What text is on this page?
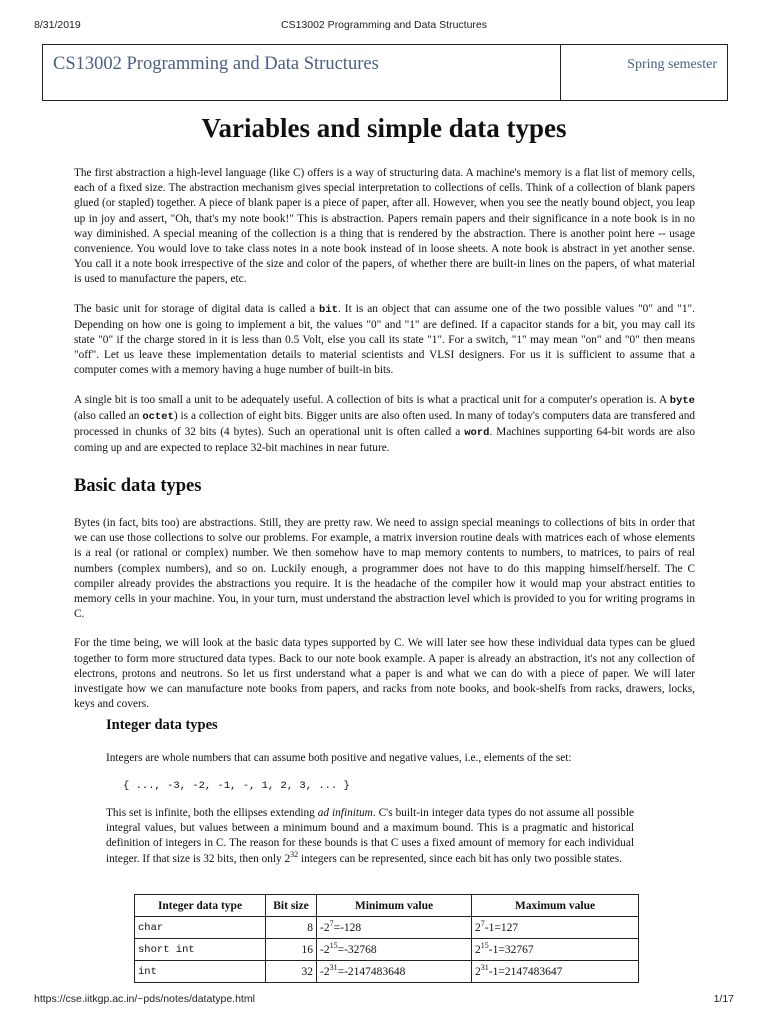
8/31/2019	CS13002 Programming and Data Structures
CS13002 Programming and Data Structures	Spring semester
Variables and simple data types

The first abstraction a high-level language (like C) offers is a way of structuring data. A machine's memory is a flat list of memory cells, each of a fixed size. The abstraction mechanism gives special interpretation to collections of cells. Think of a collection of blank papers glued (or stapled) together. A piece of blank paper is a piece of paper, after all. However, when you see the neatly bound object, you leap up in joy and assert, "Oh, that's my note book!" This is abstraction. Papers remain papers and their significance in a note book is in no way diminished. A special meaning of the collection is a thing that is rendered by the abstraction. There is another point here -- usage convenience. You would love to take class notes in a note book instead of in loose sheets. A note book is abstract in yet another sense. You call it a note book irrespective of the size and color of the papers, of whether there are built-in lines on the papers, of what material is used to manufacture the papers, etc.

The basic unit for storage of digital data is called a bit. It is an object that can assume one of the two possible values "0" and "1". Depending on how one is going to implement a bit, the values "0" and "1" are defined. If a capacitor stands for a bit, you may call its state "0" if the charge stored in it is less than 0.5 Volt, else you call its state "1". For a switch, "1" may mean "on" and "0" then means "off". Let us leave these implementation details to material scientists and VLSI designers. For us it is sufficient to assume that a computer comes with a memory having a huge number of built-in bits.

A single bit is too small a unit to be adequately useful. A collection of bits is what a practical unit for a computer's operation is. A byte (also called an octet) is a collection of eight bits. Bigger units are also often used. In many of today's computers data are transfered and processed in chunks of 32 bits (4 bytes). Such an operational unit is often called a word. Machines supporting 64-bit words are also coming up and are expected to replace 32-bit machines in near future.

Basic data types

Bytes (in fact, bits too) are abstractions. Still, they are pretty raw. We need to assign special meanings to collections of bits in order that we can use those collections to solve our problems. For example, a matrix inversion routine deals with matrices each of whose elements is a real (or rational or complex) number. We then somehow have to map memory contents to numbers, to matrices, to pairs of real numbers (complex numbers), and so on. Luckily enough, a programmer does not have to do this mapping himself/herself. The C compiler already provides the abstractions you require. It is the headache of the compiler how it would map your abstract entities to memory cells in your machine. You, in your turn, must understand the abstraction level which is provided to you for writing programs in C.

For the time being, we will look at the basic data types supported by C. We will later see how these individual data types can be glued together to form more structured data types. Back to our note book example. A paper is already an abstraction, it's not any collection of electrons, protons and neutrons. So let us first understand what a paper is and what we can do with a piece of paper. We will later investigate how we can manufacture note books from papers, and racks from note books, and book-shelfs from racks, drawers, locks, keys and covers.

Integer data types

Integers are whole numbers that can assume both positive and negative values, i.e., elements of the set:

{ ..., -3, -2, -1, -, 1, 2, 3, ... }

This set is infinite, both the ellipses extending ad infinitum. C's built-in integer data types do not assume all possible integral values, but values between a minimum bound and a maximum bound. This is a pragmatic and historical definition of integers in C. The reason for these bounds is that C uses a fixed amount of memory for each individual integer. If that size is 32 bits, then only $2^{32}$ integers can be represented, since each bit has only two possible states.

Integer data type	Bit size	Minimum value	Maximum value
char	8	$-2^7=-128$	$2^7-1=127$
short int	16	$-2^{15}=-32768$	$2^{15}-1=32767$
int	32	$-2^{31}=-2147483648$	$2^{31}-1=2147483647$
https://cse.iitkgp.ac.in/~pds/notes/datatype.html	1/17
